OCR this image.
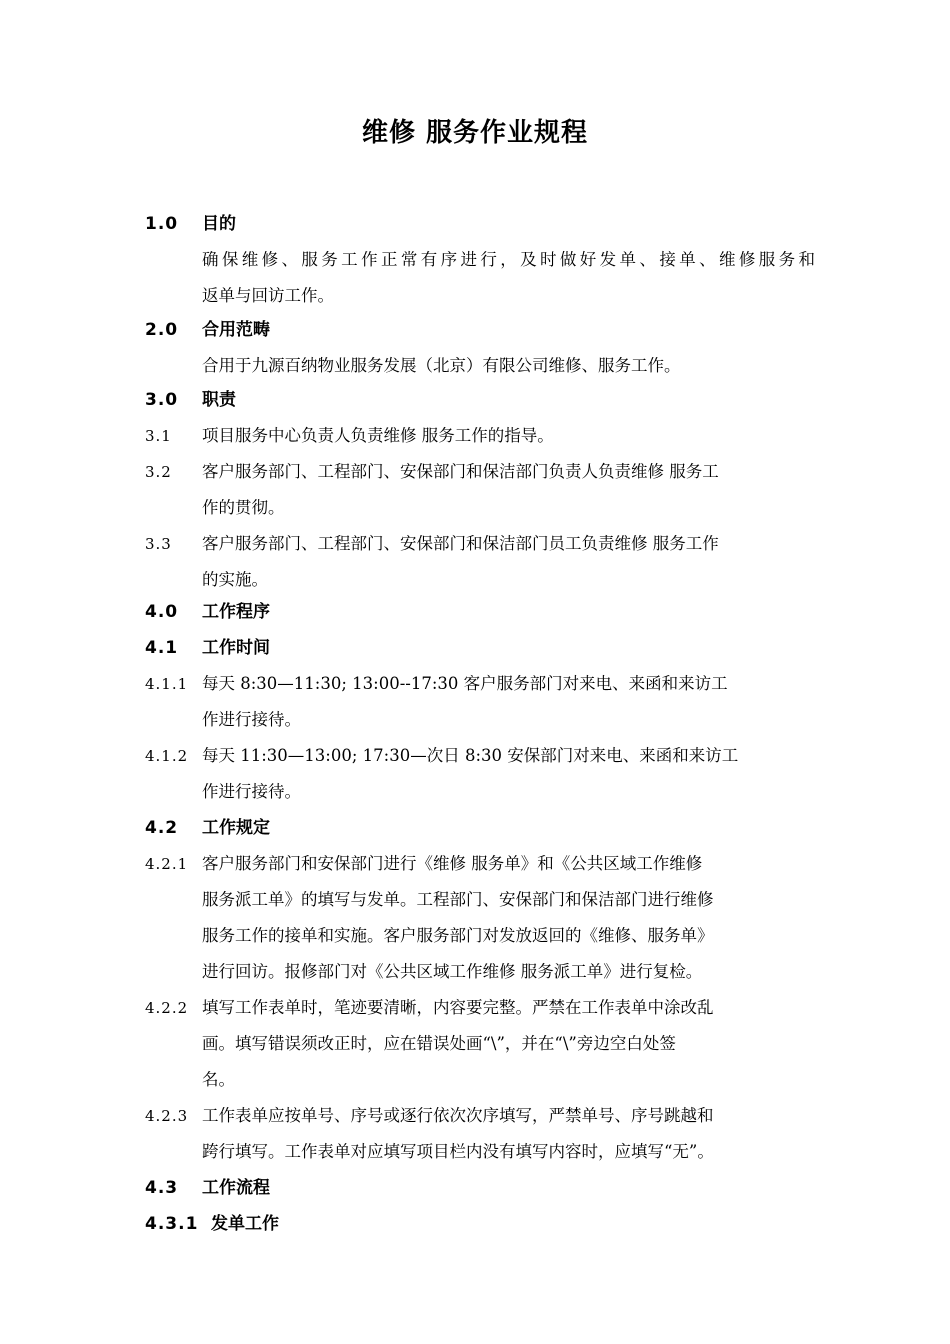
维修 服务作业规程
1.0 目的
确保维修、服务工作正常有序进行，及时做好发单、接单、维修服务和
返单与回访工作。
2.0 合用范畴
合用于九源百纳物业服务发展（北京）有限公司维修、服务工作。
3.0 职责
3.1 项目服务中心负责人负责维修 服务工作的指导。
3.2 客户服务部门、工程部门、安保部门和保洁部门负责人负责维修 服务工
作的贯彻。
3.3 客户服务部门、工程部门、安保部门和保洁部门员工负责维修 服务工作
的实施。
4.0 工作程序
4.1 工作时间
4.1.1 每天 8:30—11:30; 13:00--17:30 客户服务部门对来电、来函和来访工
作进行接待。
4.1.2 每天 11:30—13:00; 17:30—次日 8:30 安保部门对来电、来函和来访工
作进行接待。
4.2 工作规定
4.2.1 客户服务部门和安保部门进行《维修 服务单》和《公共区域工作维修
服务派工单》的填写与发单。工程部门、安保部门和保洁部门进行维修
服务工作的接单和实施。客户服务部门对发放返回的《维修、服务单》
进行回访。报修部门对《公共区域工作维修 服务派工单》进行复检。
4.2.2 填写工作表单时，笔迹要清晰，内容要完整。严禁在工作表单中涂改乱
画。填写错误须改正时，应在错误处画“\”，并在“\”旁边空白处签
名。
4.2.3 工作表单应按单号、序号或逐行依次次序填写，严禁单号、序号跳越和
跨行填写。工作表单对应填写项目栏内没有填写内容时，应填写“无”。
4.3 工作流程
4.3.1 发单工作
